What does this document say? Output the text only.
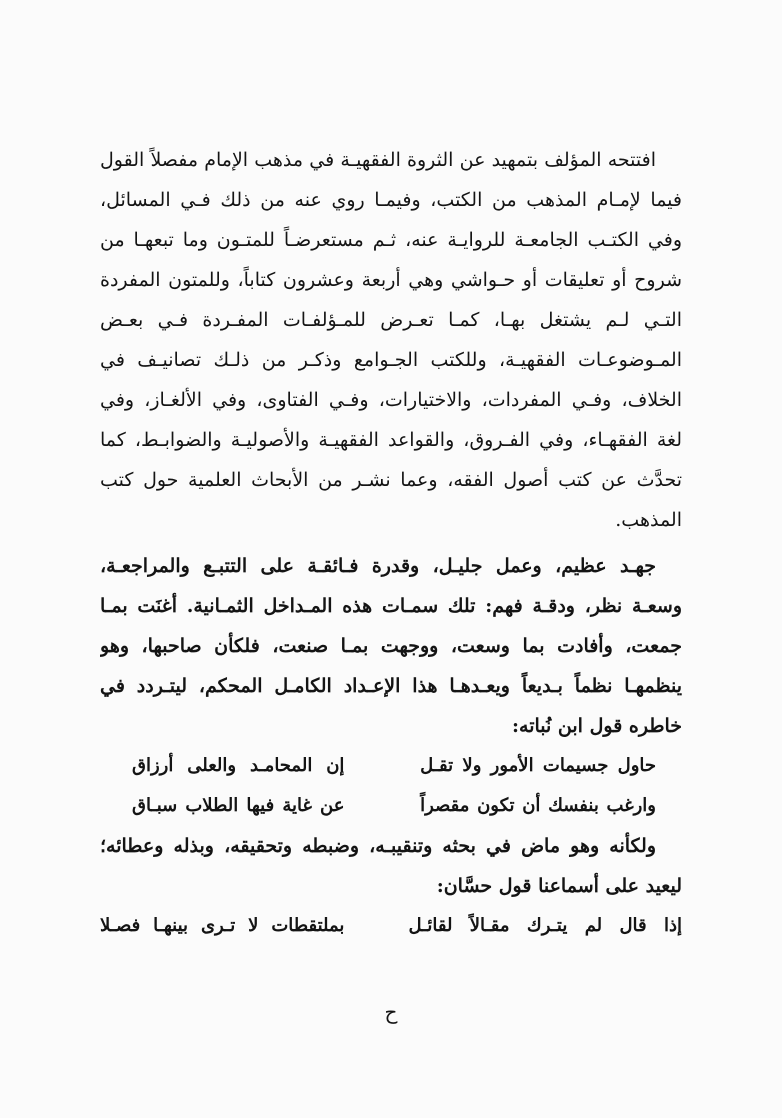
افتتحه المؤلف بتمهيد عن الثروة الفقهيـة في مذهب الإمام مفصلاً القول
فيما لإمـام المذهب من الكتب، وفيمـا روي عنه من ذلك فـي المسائل،
وفي الكتـب الجامعـة للروايـة عنه، ثـم مستعرضـاً للمتـون وما تبعهـا من
شروح أو تعليقات أو حـواشي وهي أربعة وعشرون كتاباً، وللمتون المفردة
التـي لـم يشتغل بهـا، كمـا تعـرض للمـؤلفـات المفـردة فـي بعـض
المـوضوعـات الفقهيـة، وللكتب الجـوامع وذكـر من ذلـك تصانيـف في
الخلاف، وفـي المفردات، والاختيارات، وفـي الفتاوى، وفي الألغـاز، وفي
لغة الفقهـاء، وفي الفـروق، والقواعد الفقهيـة والأصوليـة والضوابـط، كما
تحدَّث عن كتب أصول الفقه، وعما نشـر من الأبحاث العلمية حول كتب
المذهب.
جهـد عظيم، وعمل جليـل، وقدرة فـائقـة على التتبـع والمراجعـة،
وسعـة نظر، ودقـة فهم: تلك سمـات هذه المـداخل الثمـانية. أغنَت بمـا
جمعت، وأفادت بما وسعت، ووجهت بمـا صنعت، فلكأن صاحبها، وهو
ينظمهـا نظماً بـديعاً ويعـدهـا هذا الإعـداد الكامـل المحكم، ليتـردد في
خاطره قول ابن نُباته:
حاول جسيمات الأمور ولا تقـل
إن المحامـد والعلى أرزاق
وارغب بنفسك أن تكون مقصراً
عن غاية فيها الطلاب سبـاق
ولكأنه وهو ماض في بحثه وتنقيبـه، وضبطه وتحقيقه، وبذله وعطائه؛
ليعيد على أسماعنا قول حسَّان:
إذا قال لم يتـرك مقـالاً لقائـل
بملتقطات لا تـرى بينهـا فصـلا
ح
